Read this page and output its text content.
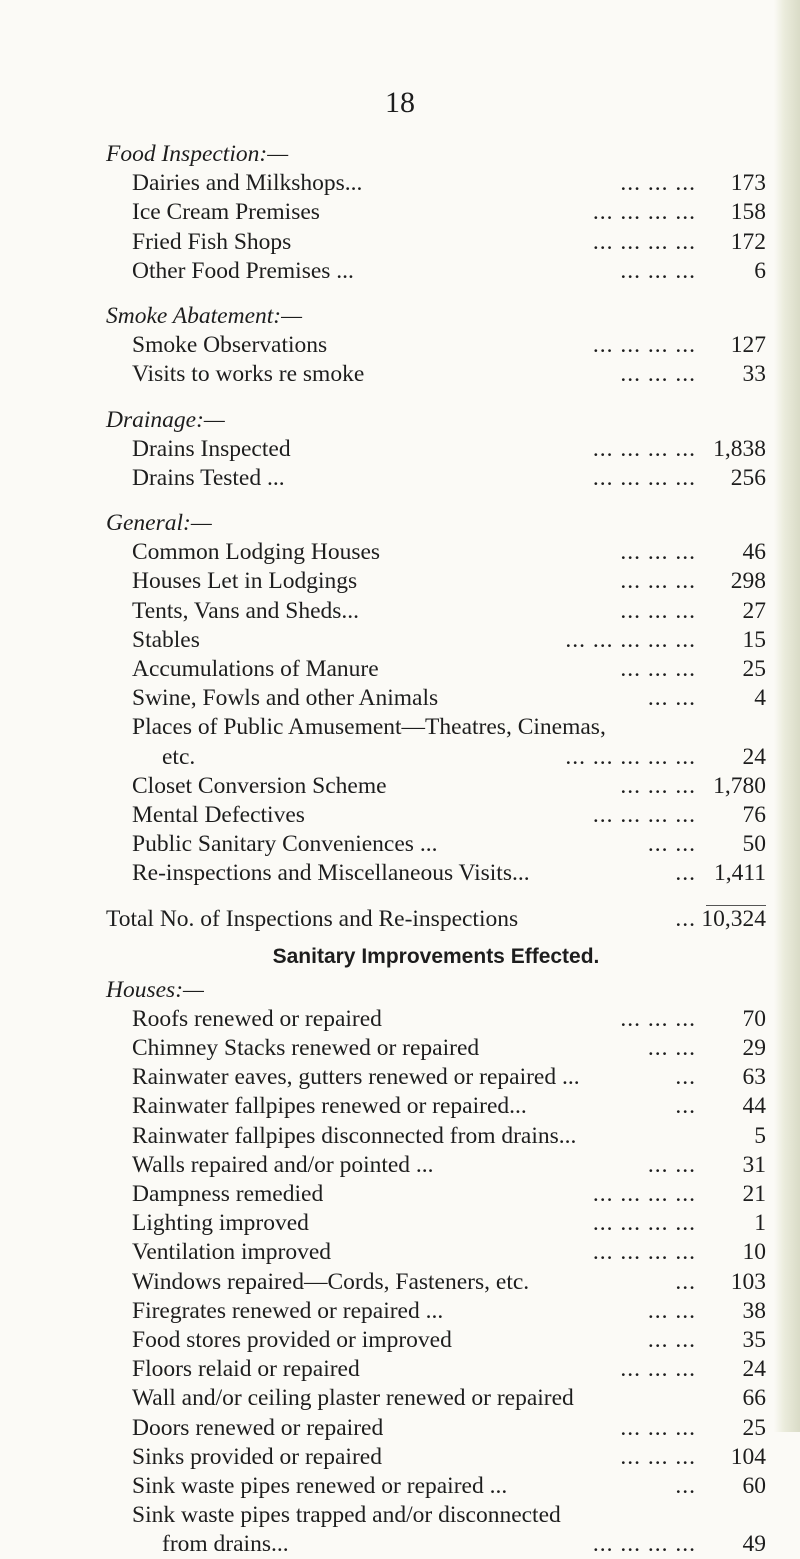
18
Food Inspection:—
Dairies and Milkshops...	... ... ... 173
Ice Cream Premises	... ... ... ... 158
Fried Fish Shops	... ... ... ... 172
Other Food Premises ...	... ... ... 6
Smoke Abatement:—
Smoke Observations	... ... ... ... 127
Visits to works re smoke	... ... ... 33
Drainage:—
Drains Inspected	... ... ... ... 1,838
Drains Tested ...	... ... ... ... 256
General:—
Common Lodging Houses	... ... ... 46
Houses Let in Lodgings	... ... ... 298
Tents, Vans and Sheds...	... ... ... 27
Stables	... ... ... ... ... 15
Accumulations of Manure	... ... ... 25
Swine, Fowls and other Animals	... ... 4
Places of Public Amusement—Theatres, Cinemas,
etc.	... ... ... ... ... 24
Closet Conversion Scheme	... ... ... 1,780
Mental Defectives	... ... ... ... 76
Public Sanitary Conveniences ...	... ... 50
Re-inspections and Miscellaneous Visits...	... 1,411
Total No. of Inspections and Re-inspections	... 10,324
Sanitary Improvements Effected.
Houses:—
Roofs renewed or repaired	... ... ... 70
Chimney Stacks renewed or repaired	... ... 29
Rainwater eaves, gutters renewed or repaired ...	... 63
Rainwater fallpipes renewed or repaired...	... 44
Rainwater fallpipes disconnected from drains...	5
Walls repaired and/or pointed ...	... ... 31
Dampness remedied	... ... ... ... 21
Lighting improved	... ... ... ... 1
Ventilation improved	... ... ... ... 10
Windows repaired—Cords, Fasteners, etc.	... 103
Firegrates renewed or repaired ...	... ... 38
Food stores provided or improved	... ... 35
Floors relaid or repaired	... ... ... 24
Wall and/or ceiling plaster renewed or repaired	66
Doors renewed or repaired	... ... ... 25
Sinks provided or repaired	... ... ... 104
Sink waste pipes renewed or repaired ...	... 60
Sink waste pipes trapped and/or disconnected
from drains...	... ... ... ... 49
